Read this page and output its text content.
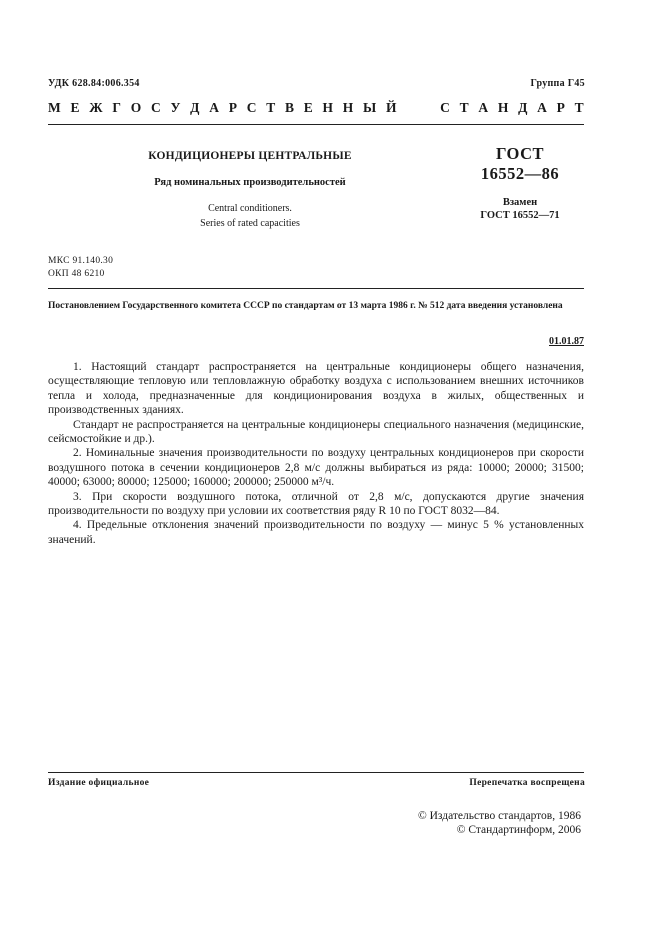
УДК 628.84:006.354	Группа Г45
М Е Ж Г О С У Д А Р С Т В Е Н Н Ы Й	С Т А Н Д А Р Т
КОНДИЦИОНЕРЫ ЦЕНТРАЛЬНЫЕ
Ряд номинальных производительностей
Central conditioners.
Series of rated capacities
ГОСТ
16552—86
Взамен
ГОСТ 16552—71
МКС 91.140.30
ОКП 48 6210
Постановлением Государственного комитета СССР по стандартам от 13 марта 1986 г. № 512 дата введения установлена
01.01.87

1. Настоящий стандарт распространяется на центральные кондиционеры общего назначения, осуществляющие тепловую или тепловлажную обработку воздуха с использованием внешних источников тепла и холода, предназначенные для кондиционирования воздуха в жилых, общественных и производственных зданиях.

Стандарт не распространяется на центральные кондиционеры специального назначения (медицинские, сейсмостойкие и др.).

2. Номинальные значения производительности по воздуху центральных кондиционеров при скорости воздушного потока в сечении кондиционеров 2,8 м/с должны выбираться из ряда: 10000; 20000; 31500; 40000; 63000; 80000; 125000; 160000; 200000; 250000 м³/ч.

3. При скорости воздушного потока, отличной от 2,8 м/с, допускаются другие значения производительности по воздуху при условии их соответствия ряду R 10 по ГОСТ 8032—84.

4. Предельные отклонения значений производительности по воздуху — минус 5 % установленных значений.

Издание официальное	Перепечатка воспрещена
© Издательство стандартов, 1986
© Стандартинформ, 2006
